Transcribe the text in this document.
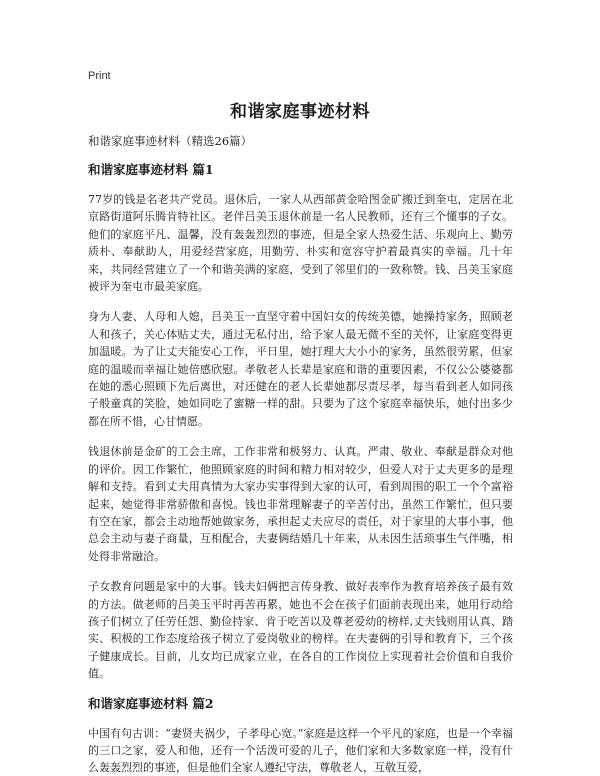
Print
和谐家庭事迹材料

和谐家庭事迹材料（精选26篇）

和谐家庭事迹材料 篇1

77岁的钱是名老共产党员。退休后，一家人从西部黄金哈图金矿搬迁到奎屯，定居在北京路街道阿乐腾肯特社区。老伴吕美玉退休前是一名人民教师，还有三个懂事的子女。他们的家庭平凡、温馨，没有轰轰烈烈的事迹，但是全家人热爱生活、乐观向上、勤劳质朴、奉献助人，用爱经营家庭，用勤劳、朴实和宽容守护着最真实的幸福。几十年来，共同经营建立了一个和谐美满的家庭，受到了邻里们的一致称赞。钱、吕美玉家庭被评为奎屯市最美家庭。

身为人妻、人母和人媳，吕美玉一直坚守着中国妇女的传统美德，她操持家务，照顾老人和孩子，关心体贴丈夫，通过无私付出，给予家人最无微不至的关怀，让家庭变得更加温暖。为了让丈夫能安心工作，平日里，她打理大大小小的家务，虽然很劳累，但家庭的温暖而幸福让她倍感欣慰。孝敬老人长辈是家庭和谐的重要因素，不仅公公婆婆都在她的悉心照顾下先后离世，对还健在的老人长辈她都尽责尽孝，每当看到老人如同孩子般童真的笑脸，她如同吃了蜜糖一样的甜。只要为了这个家庭幸福快乐，她付出多少都在所不惜，心甘情愿。

钱退休前是金矿的工会主席，工作非常和极努力、认真。严肃、敬业、奉献是群众对他的评价。因工作繁忙，他照顾家庭的时间和精力相对较少，但爱人对于丈夫更多的是理解和支持。看到丈夫用真情为大家办实事得到大家的认可，看到周围的职工一个个富裕起来，她觉得非常骄傲和喜悦。钱也非常理解妻子的辛苦付出，虽然工作繁忙，但只要有空在家，都会主动地帮她做家务，承担起丈夫应尽的责任，对于家里的大事小事，他总会主动与妻子商量，互相配合，夫妻俩结婚几十年来，从未因生活琐事生气伴嘴，相处得非常融洽。

子女教育问题是家中的大事。钱夫妇俩把言传身教、做好表率作为教育培养孩子最有效的方法。做老师的吕美玉平时再苦再累，她也不会在孩子们面前表现出来，她用行动给孩子们树立了任劳任怨、勤俭持家、肯于吃苦以及尊老爱幼的榜样,丈夫钱则用认真、踏实、积极的工作态度给孩子树立了爱岗敬业的榜样。在夫妻俩的引导和教育下，三个孩子健康成长。目前，儿女均已成家立业，在各自的工作岗位上实现着社会价值和自我价值。

和谐家庭事迹材料 篇2

中国有句古训：“妻贤夫祸少，子孝母心宽。”家庭是这样一个平凡的家庭，也是一个幸福的三口之家，爱人和他，还有一个活泼可爱的儿子，他们家和大多数家庭一样，没有什么轰轰烈烈的事迹，但是他们全家人遵纪守法，尊敬老人，互敬互爱，
